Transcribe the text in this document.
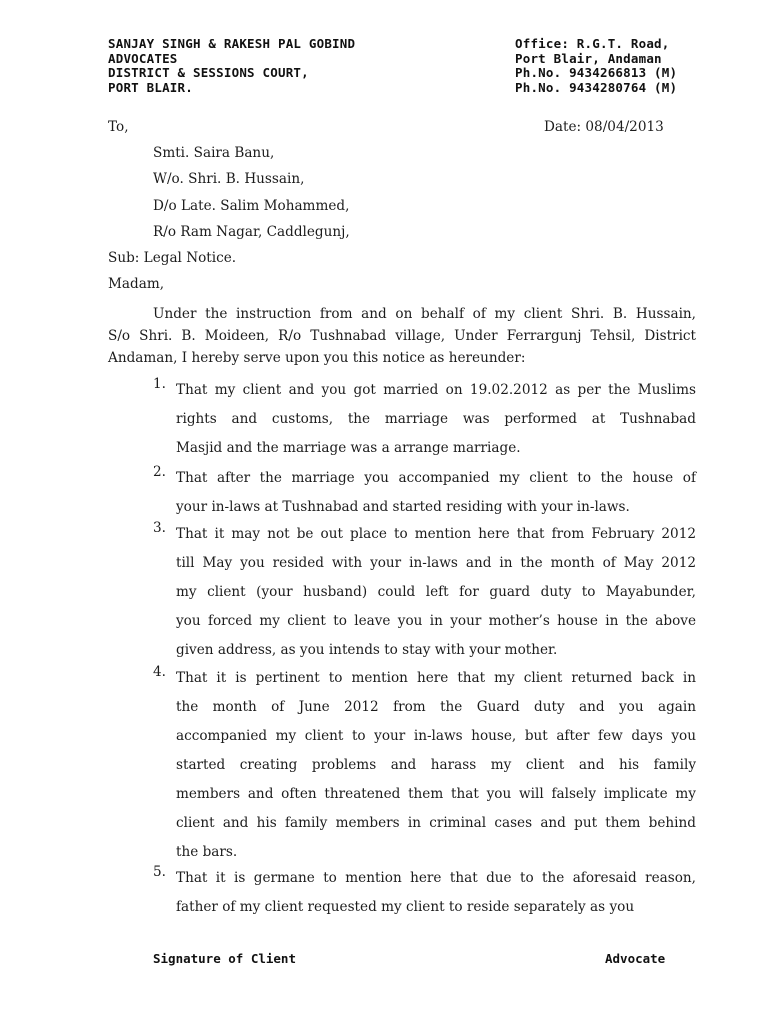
SANJAY SINGH & RAKESH PAL GOBIND
ADVOCATES
DISTRICT & SESSIONS COURT,
PORT BLAIR.
Office: R.G.T. Road,
Port Blair, Andaman
Ph.No. 9434266813 (M)
Ph.No. 9434280764 (M)
To,	Date: 08/04/2013
Smti. Saira Banu,
W/o. Shri. B. Hussain,
D/o Late. Salim Mohammed,
R/o Ram Nagar, Caddlegunj,
Sub: Legal Notice.
Madam,
Under the instruction from and on behalf of my client Shri. B. Hussain,
S/o Shri. B. Moideen, R/o Tushnabad village, Under Ferrargunj Tehsil, District
Andaman, I hereby serve upon you this notice as hereunder:
1. That my client and you got married on 19.02.2012 as per the Muslims
rights and customs, the marriage was performed at Tushnabad
Masjid and the marriage was a arrange marriage.
2. That after the marriage you accompanied my client to the house of
your in-laws at Tushnabad and started residing with your in-laws.
3. That it may not be out place to mention here that from February 2012
till May you resided with your in-laws and in the month of May 2012
my client (your husband) could left for guard duty to Mayabunder,
you forced my client to leave you in your mother’s house in the above
given address, as you intends to stay with your mother.
4. That it is pertinent to mention here that my client returned back in
the month of June 2012 from the Guard duty and you again
accompanied my client to your in-laws house, but after few days you
started creating problems and harass my client and his family
members and often threatened them that you will falsely implicate my
client and his family members in criminal cases and put them behind
the bars.
5. That it is germane to mention here that due to the aforesaid reason,
father of my client requested my client to reside separately as you
Signature of Client	Advocate
